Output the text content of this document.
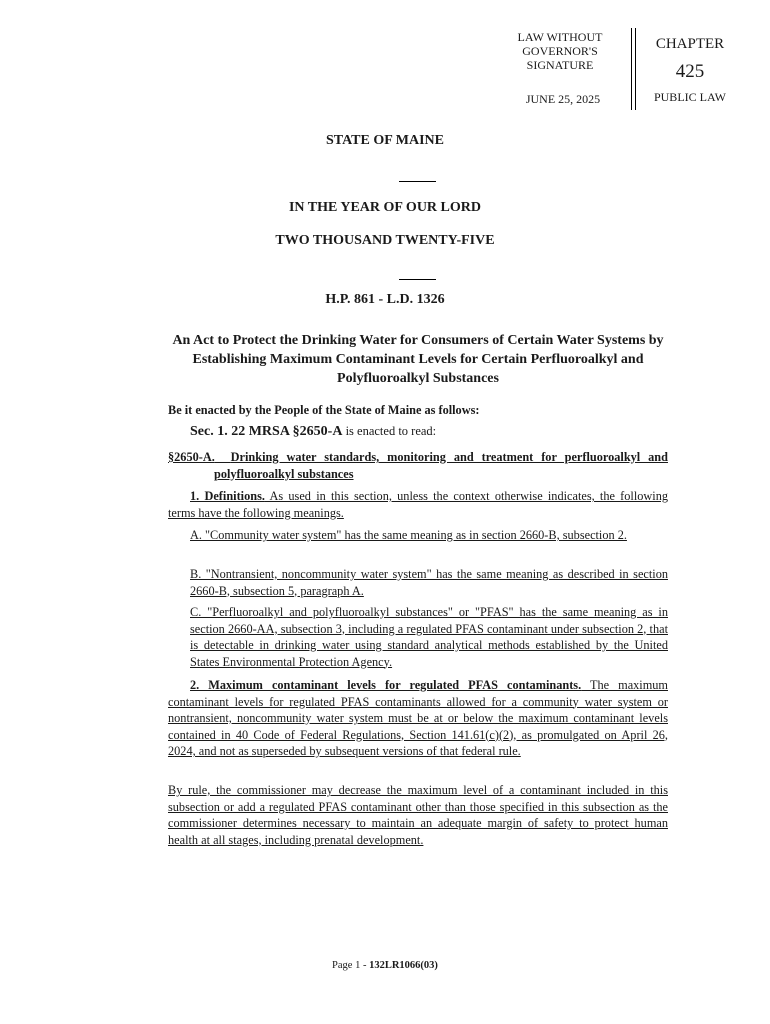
LAW WITHOUT
GOVERNOR'S
SIGNATURE
JUNE 25, 2025
CHAPTER
425
PUBLIC LAW
STATE OF MAINE
IN THE YEAR OF OUR LORD
TWO THOUSAND TWENTY-FIVE
H.P. 861 - L.D. 1326
An Act to Protect the Drinking Water for Consumers of Certain Water Systems by Establishing Maximum Contaminant Levels for Certain Perfluoroalkyl and Polyfluoroalkyl Substances
Be it enacted by the People of the State of Maine as follows:
Sec. 1. 22 MRSA §2650-A is enacted to read:
§2650-A. Drinking water standards, monitoring and treatment for perfluoroalkyl and polyfluoroalkyl substances
1. Definitions. As used in this section, unless the context otherwise indicates, the following terms have the following meanings.
A. "Community water system" has the same meaning as in section 2660-B, subsection 2.
B. "Nontransient, noncommunity water system" has the same meaning as described in section 2660-B, subsection 5, paragraph A.
C. "Perfluoroalkyl and polyfluoroalkyl substances" or "PFAS" has the same meaning as in section 2660-AA, subsection 3, including a regulated PFAS contaminant under subsection 2, that is detectable in drinking water using standard analytical methods established by the United States Environmental Protection Agency.
2. Maximum contaminant levels for regulated PFAS contaminants. The maximum contaminant levels for regulated PFAS contaminants allowed for a community water system or nontransient, noncommunity water system must be at or below the maximum contaminant levels contained in 40 Code of Federal Regulations, Section 141.61(c)(2), as promulgated on April 26, 2024, and not as superseded by subsequent versions of that federal rule.
By rule, the commissioner may decrease the maximum level of a contaminant included in this subsection or add a regulated PFAS contaminant other than those specified in this subsection as the commissioner determines necessary to maintain an adequate margin of safety to protect human health at all stages, including prenatal development.
Page 1 - 132LR1066(03)
